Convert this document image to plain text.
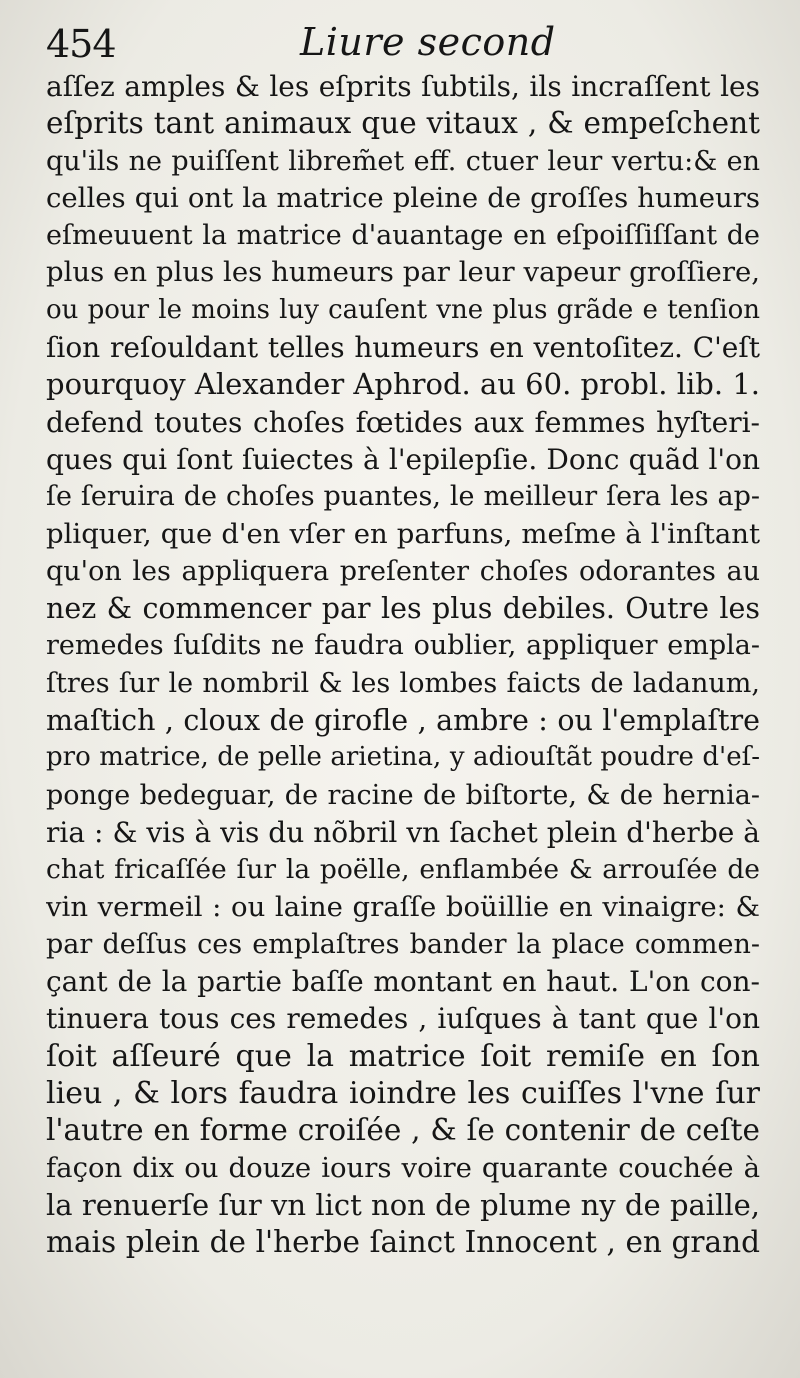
454	Liure second
aſſez amples & les eſprits ſubtils, ils incraſſent les
eſprits tant animaux que vitaux , & empeſchent
qu'ils ne puiſſent librem̃et eff. ctuer leur vertu:& en
celles qui ont la matrice pleine de groſſes humeurs
eſmeuuent la matrice d'auantage en eſpoiſſiſſant de
plus en plus les humeurs par leur vapeur groſſiere,
ou pour le moins luy cauſent vne plus grãde e tenſion
ſion reſouldant telles humeurs en ventoſitez. C'eſt
pourquoy Alexander Aphrod. au 60. probl. lib. 1.
defend toutes choſes fœtides aux femmes hyſteri-
ques qui ſont ſuiectes à l'epilepſie. Donc quãd l'on
ſe ſeruira de choſes puantes, le meilleur ſera les ap-
pliquer, que d'en vſer en parfuns, meſme à l'inſtant
qu'on les appliquera preſenter choſes odorantes au
nez & commencer par les plus debiles. Outre les
remedes ſuſdits ne faudra oublier, appliquer empla-
ſtres ſur le nombril & les lombes faicts de ladanum,
maſtich , cloux de girofle , ambre : ou l'emplaſtre
pro matrice, de pelle arietina, y adiouſtãt poudre d'eſ-
ponge bedeguar, de racine de biſtorte, & de hernia-
ria : & vis à vis du nõbril vn ſachet plein d'herbe à
chat fricaſſée ſur la poëlle, enflambée & arrouſée de
vin vermeil : ou laine graſſe boüillie en vinaigre: &
par deſſus ces emplaſtres bander la place commen-
çant de la partie baſſe montant en haut. L'on con-
tinuera tous ces remedes , iuſques à tant que l'on
ſoit aſſeuré que la matrice ſoit remiſe en ſon
lieu , & lors faudra ioindre les cuiſſes l'vne ſur
l'autre en forme croiſée , & ſe contenir de ceſte
façon dix ou douze iours voire quarante couchée à
la renuerſe ſur vn lict non de plume ny de paille,
mais plein de l'herbe ſainct Innocent , en grand
